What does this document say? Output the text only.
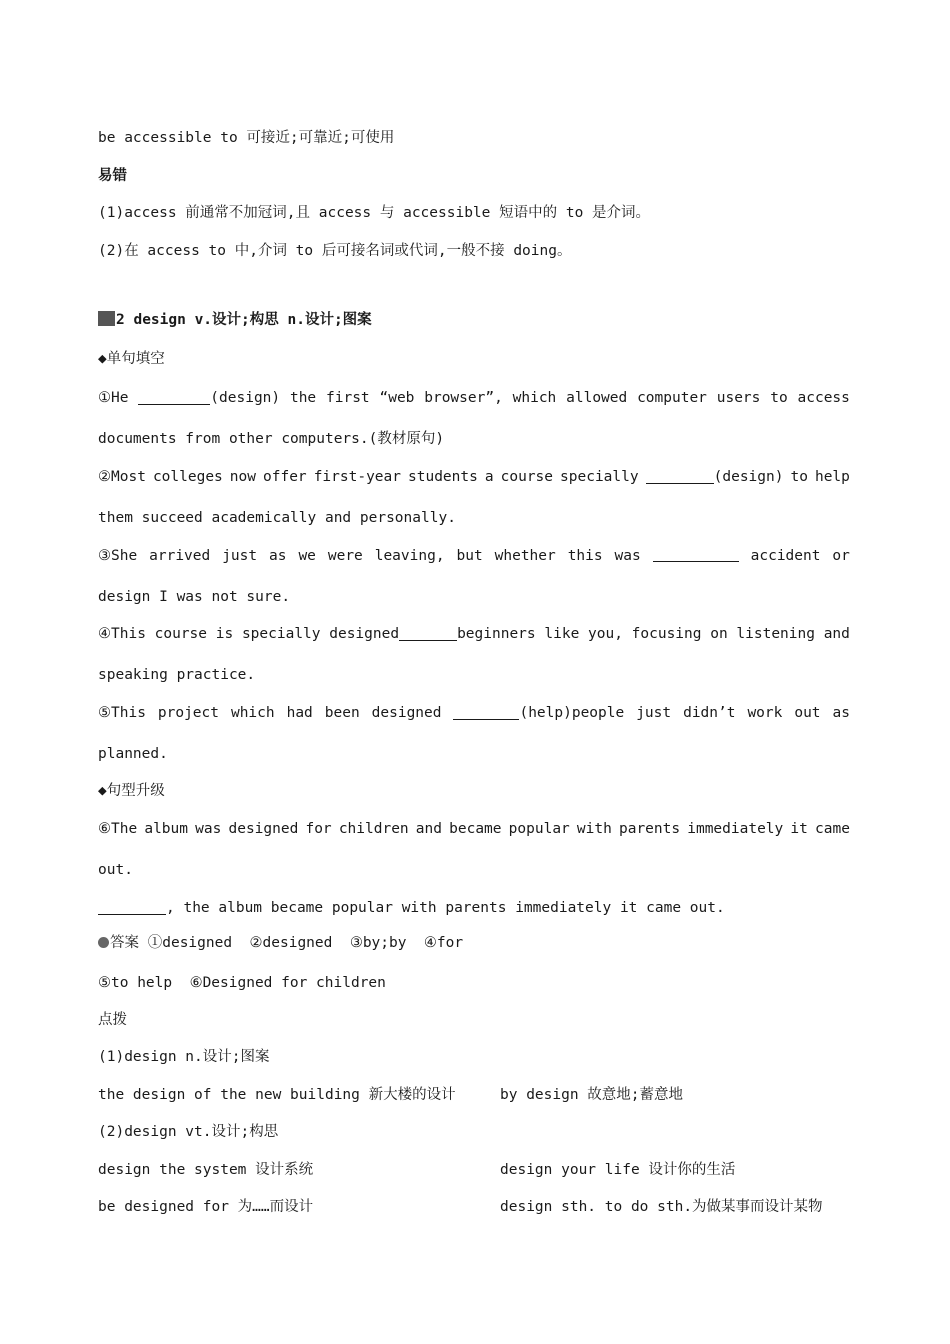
be accessible to 可接近;可靠近;可使用
易错
(1)access 前通常不加冠词,且 access 与 accessible 短语中的 to 是介词。
(2)在 access to 中,介词 to 后可接名词或代词,一般不接 doing。
2 design v.设计;构思 n.设计;图案
◆单句填空
①He	(design) the first “web browser”, which allowed computer users to access
documents from other computers.(教材原句)
②Most colleges now offer first-year students a course specially	(design) to help
them succeed academically and personally.
③She arrived just as we were leaving, but whether this was	accident or
design I was not sure.
④This course is specially designed	beginners like you, focusing on listening and
speaking practice.
⑤This project which had been designed	(help)people just didn’t work out as
planned.
◆句型升级
⑥The album was designed for children and became popular with parents immediately it came
out.
, the album became popular with parents immediately it came out.
答案 ①designed  ②designed  ③by;by  ④for
⑤to help  ⑥Designed for children
点拨
(1)design n.设计;图案
the design of the new building 新大楼的设计	by design 故意地;蓄意地
(2)design vt.设计;构思
design the system 设计系统	design your life 设计你的生活
be designed for 为……而设计	design sth. to do sth.为做某事而设计某物
